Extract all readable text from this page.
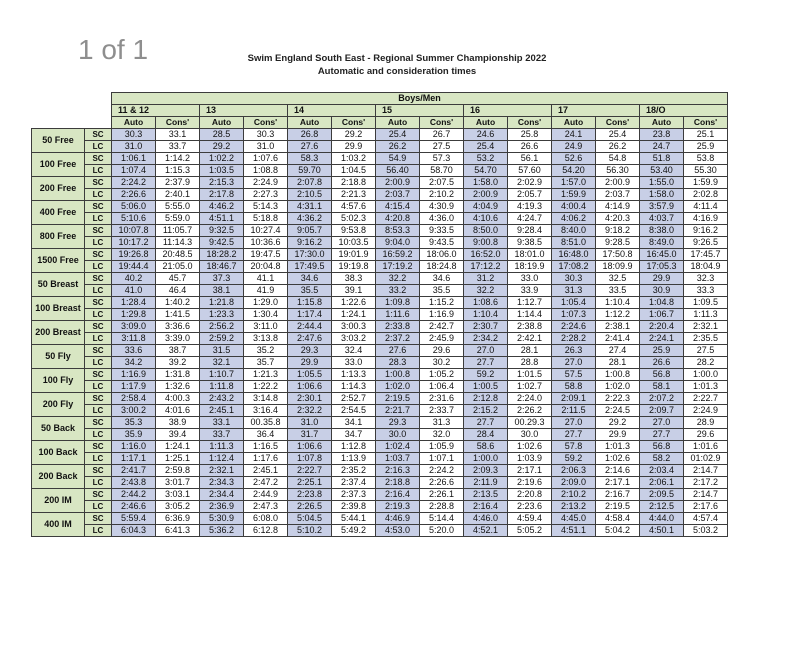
1 of 1	Swim England South East - Regional Summer Championship 2022
Automatic and consideration times
		Boys/Men													
		11 & 12		13		14		15		16		17		18/O	
		Auto	Cons'	Auto	Cons'	Auto	Cons'	Auto	Cons'	Auto	Cons'	Auto	Cons'	Auto	Cons'
50 Free	SC	30.3	33.1	28.5	30.3	26.8	29.2	25.4	26.7	24.6	25.8	24.1	25.4	23.8	25.1
	LC	31.0	33.7	29.2	31.0	27.6	29.9	26.2	27.5	25.4	26.6	24.9	26.2	24.7	25.9
100 Free	SC	1:06.1	1:14.2	1:02.2	1:07.6	58.3	1:03.2	54.9	57.3	53.2	56.1	52.6	54.8	51.8	53.8
	LC	1:07.4	1:15.3	1:03.5	1:08.8	59.70	1:04.5	56.40	58.70	54.70	57.60	54.20	56.30	53.40	55.30
200 Free	SC	2:24.2	2:37.9	2:15.3	2:24.9	2:07.8	2:18.8	2:00.9	2:07.5	1:58.0	2:02.9	1:57.0	2:00.9	1:55.0	1:59.9
	LC	2:26.6	2:40.1	2:17.8	2:27.3	2:10.5	2:21.3	2:03.7	2:10.2	2:00.9	2:05.7	1:59.9	2:03.7	1:58.0	2:02.8
400 Free	SC	5:06.0	5:55.0	4:46.2	5:14.3	4:31.1	4:57.6	4:15.4	4:30.9	4:04.9	4:19.3	4:00.4	4:14.9	3:57.9	4:11.4
	LC	5:10.6	5:59.0	4:51.1	5:18.8	4:36.2	5:02.3	4:20.8	4:36.0	4:10.6	4:24.7	4:06.2	4:20.3	4:03.7	4:16.9
800 Free	SC	10:07.8	11:05.7	9:32.5	10:27.4	9:05.7	9:53.8	8:53.3	9:33.5	8:50.0	9:28.4	8:40.0	9:18.2	8:38.0	9:16.2
	LC	10:17.2	11:14.3	9:42.5	10:36.6	9:16.2	10:03.5	9:04.0	9:43.5	9:00.8	9:38.5	8:51.0	9:28.5	8:49.0	9:26.5
1500 Free	SC	19:26.8	20:48.5	18:28.2	19:47.5	17:30.0	19:01.9	16:59.2	18:06.0	16:52.0	18:01.0	16:48.0	17:50.8	16:45.0	17:45.7
	LC	19:44.4	21:05.0	18:46.7	20:04.8	17:49.5	19:19.8	17:19.2	18:24.8	17:12.2	18:19.9	17:08.2	18:09.9	17:05.3	18:04.9
50 Breast	SC	40.2	45.7	37.3	41.1	34.6	38.3	32.2	34.6	31.2	33.0	30.3	32.5	29.9	32.3
	LC	41.0	46.4	38.1	41.9	35.5	39.1	33.2	35.5	32.2	33.9	31.3	33.5	30.9	33.3
100 Breast	SC	1:28.4	1:40.2	1:21.8	1:29.0	1:15.8	1:22.6	1:09.8	1:15.2	1:08.6	1:12.7	1:05.4	1:10.4	1:04.8	1:09.5
	LC	1:29.8	1:41.5	1:23.3	1:30.4	1:17.4	1:24.1	1:11.6	1:16.9	1:10.4	1:14.4	1:07.3	1:12.2	1:06.7	1:11.3
200 Breast	SC	3:09.0	3:36.6	2:56.2	3:11.0	2:44.4	3:00.3	2:33.8	2:42.7	2:30.7	2:38.8	2:24.6	2:38.1	2:20.4	2:32.1
	LC	3:11.8	3:39.0	2:59.2	3:13.8	2:47.6	3:03.2	2:37.2	2:45.9	2:34.2	2:42.1	2:28.2	2:41.4	2:24.1	2:35.5
50 Fly	SC	33.6	38.7	31.5	35.2	29.3	32.4	27.6	29.6	27.0	28.1	26.3	27.4	25.9	27.5
	LC	34.2	39.2	32.1	35.7	29.9	33.0	28.3	30.2	27.7	28.8	27.0	28.1	26.6	28.2
100 Fly	SC	1:16.9	1:31.8	1:10.7	1:21.3	1:05.5	1:13.3	1:00.8	1:05.2	59.2	1:01.5	57.5	1:00.8	56.8	1:00.0
	LC	1:17.9	1:32.6	1:11.8	1:22.2	1:06.6	1:14.3	1:02.0	1:06.4	1:00.5	1:02.7	58.8	1:02.0	58.1	1:01.3
200 Fly	SC	2:58.4	4:00.3	2:43.2	3:14.8	2:30.1	2:52.7	2:19.5	2:31.6	2:12.8	2:24.0	2:09.1	2:22.3	2:07.2	2:22.7
	LC	3:00.2	4:01.6	2:45.1	3:16.4	2:32.2	2:54.5	2:21.7	2:33.7	2:15.2	2:26.2	2:11.5	2:24.5	2:09.7	2:24.9
50 Back	SC	35.3	38.9	33.1	00.35.8	31.0	34.1	29.3	31.3	27.7	00.29.3	27.0	29.2	27.0	28.9
	LC	35.9	39.4	33.7	36.4	31.7	34.7	30.0	32.0	28.4	30.0	27.7	29.9	27.7	29.6
100 Back	SC	1:16.0	1:24.1	1:11.3	1:16.5	1:06.6	1:12.8	1:02.4	1:05.9	58.6	1:02.6	57.8	1:01.3	56.8	1:01.6
	LC	1:17.1	1:25.1	1:12.4	1:17.6	1:07.8	1:13.9	1:03.7	1:07.1	1:00.0	1:03.9	59.2	1:02.6	58.2	01:02.9
200 Back	SC	2:41.7	2:59.8	2:32.1	2:45.1	2:22.7	2:35.2	2:16.3	2:24.2	2:09.3	2:17.1	2:06.3	2:14.6	2:03.4	2:14.7
	LC	2:43.8	3:01.7	2:34.3	2:47.2	2:25.1	2:37.4	2:18.8	2:26.6	2:11.9	2:19.6	2:09.0	2:17.1	2:06.1	2:17.2
200 IM	SC	2:44.2	3:03.1	2:34.4	2:44.9	2:23.8	2:37.3	2:16.4	2:26.1	2:13.5	2:20.8	2:10.2	2:16.7	2:09.5	2:14.7
	LC	2:46.6	3:05.2	2:36.9	2:47.3	2:26.5	2:39.8	2:19.3	2:28.8	2:16.4	2:23.6	2:13.2	2:19.5	2:12.5	2:17.6
400 IM	SC	5:59.4	6:36.9	5:30.9	6:08.0	5:04.5	5:44.1	4:46.9	5:14.4	4:46.0	4:59.4	4:45.0	4:58.4	4:44.0	4:57.4
	LC	6:04.3	6:41.3	5:36.2	6:12.8	5:10.2	5:49.2	4:53.0	5:20.0	4:52.1	5:05.2	4:51.1	5:04.2	4:50.1	5:03.2
